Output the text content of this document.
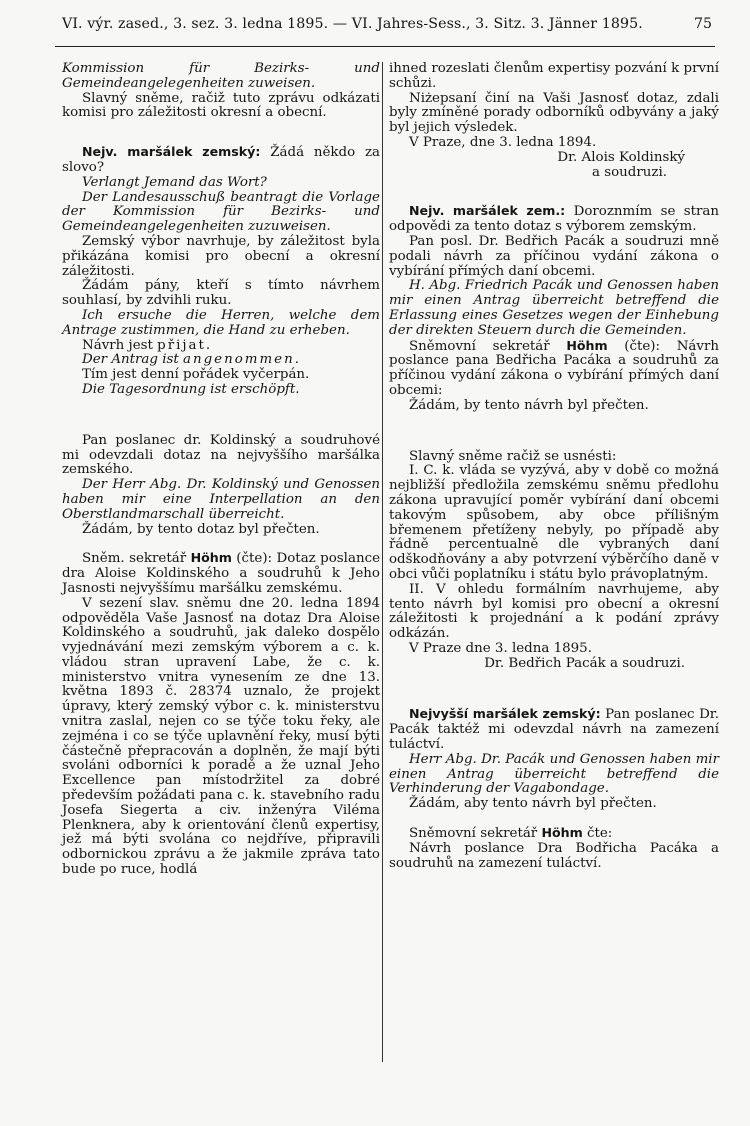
VI. výr. zased., 3. sez. 3. ledna 1895. — VI. Jahres-Sess., 3. Sitz. 3. Jänner 1895.	75

Kommission für Bezirks- und Gemeindeangelegenheiten zuweisen.

Slavný sněme, račiž tuto zprávu odkázati komisi pro záležitosti okresní a obecní.

Nejv. maršálek zemský: Žádá někdo za slovo?

Verlangt Jemand das Wort?

Der Landesausschuß beantragt die Vorlage der Kommission für Bezirks- und Gemeindeangelegenheiten zuzuweisen.

Zemský výbor navrhuje, by záležitost byla přikázána komisi pro obecní a okresní záležitosti.

Žádám pány, kteří s tímto návrhem souhlasí, by zdvihli ruku.

Ich ersuche die Herren, welche dem Antrage zustimmen, die Hand zu erheben.

Návrh jest přijat.

Der Antrag ist angenommen.

Tím jest denní pořádek vyčerpán.

Die Tagesordnung ist erschöpft.

Pan poslanec dr. Koldinský a soudruhové mi odevzdali dotaz na nejvyššího maršálka zemského.

Der Herr Abg. Dr. Koldinský und Genossen haben mir eine Interpellation an den Oberstlandmarschall überreicht.

Žádám, by tento dotaz byl přečten.

Sněm. sekretář Höhm (čte): Dotaz poslance dra Aloise Koldinského a soudruhů k Jeho Jasnosti nejvyššímu maršálku zemskému.

V sezení slav. sněmu dne 20. ledna 1894 odpověděla Vaše Jasnosť na dotaz Dra Aloise Koldinského a soudruhů, jak daleko dospělo vyjednávání mezi zemským výborem a c. k. vládou stran upravení Labe, že c. k. ministerstvo vnitra vynesením ze dne 13. května 1893 č. 28374 uznalo, že projekt úpravy, který zemský výbor c. k. ministerstvu vnitra zaslal, nejen co se týče toku řeky, ale zejména i co se týče uplavnění řeky, musí býti částečně přepracován a doplněn, že mají býti svoláni odborníci k poradě a že uznal Jeho Excellence pan místodržitel za dobré především požádati pana c. k. stavebního radu Josefa Siegerta a civ. inženýra Viléma Plenknera, aby k orientování členů expertisy, jež má býti svolána co nejdříve, připravili odbornickou zprávu a že jakmile zpráva tato bude po ruce, hodlá

ihned rozeslati členům expertisy pozvání k první schůzi.

Niżepsaní činí na Vaši Jasnosť dotaz, zdali byly zmíněné porady odborníků odbyvány a jaký byl jejich výsledek.

V Praze, dne 3. ledna 1894.

Dr. Alois Koldinský

a soudruzi.

Nejv. maršálek zem.: Doroznmím se stran odpovědi za tento dotaz s výborem zemským.

Pan posl. Dr. Bedřich Pacák a soudruzi mně podali návrh za příčinou vydání zákona o vybírání přímých daní obcemi.

H. Abg. Friedrich Pacák und Genossen haben mir einen Antrag überreicht betreffend die Erlassung eines Gesetzes wegen der Einhebung der direkten Steuern durch die Gemeinden.

Sněmovní sekretář Höhm (čte): Návrh poslance pana Bedřicha Pacáka a soudruhů za příčinou vydání zákona o vybírání přímých daní obcemi:

Žádám, by tento návrh byl přečten.

Slavný sněme račiž se usnésti:

I. C. k. vláda se vyzývá, aby v době co možná nejbližší předložila zemskému sněmu předlohu zákona upravující poměr vybírání daní obcemi takovým spůsobem, aby obce přílišným břemenem přetíženy nebyly, po případě aby řádně percentualně dle vybraných daní odškodňovány a aby potvrzení výběrčího daně v obci vůči poplatníku i státu bylo právoplatným.

II. V ohledu formálním navrhujeme, aby tento návrh byl komisi pro obecní a okresní záležitosti k projednání a k podání zprávy odkázán.

V Praze dne 3. ledna 1895.

Dr. Bedřich Pacák a soudruzi.

Nejvyšší maršálek zemský: Pan poslanec Dr. Pacák taktéž mi odevzdal návrh na zamezení tuláctví.

Herr Abg. Dr. Pacák und Genossen haben mir einen Antrag überreicht betreffend die Verhinderung der Vagabondage.

Žádám, aby tento návrh byl přečten.

Sněmovní sekretář Höhm čte:

Návrh poslance Dra Bodřicha Pacáka a soudruhů na zamezení tuláctví.
